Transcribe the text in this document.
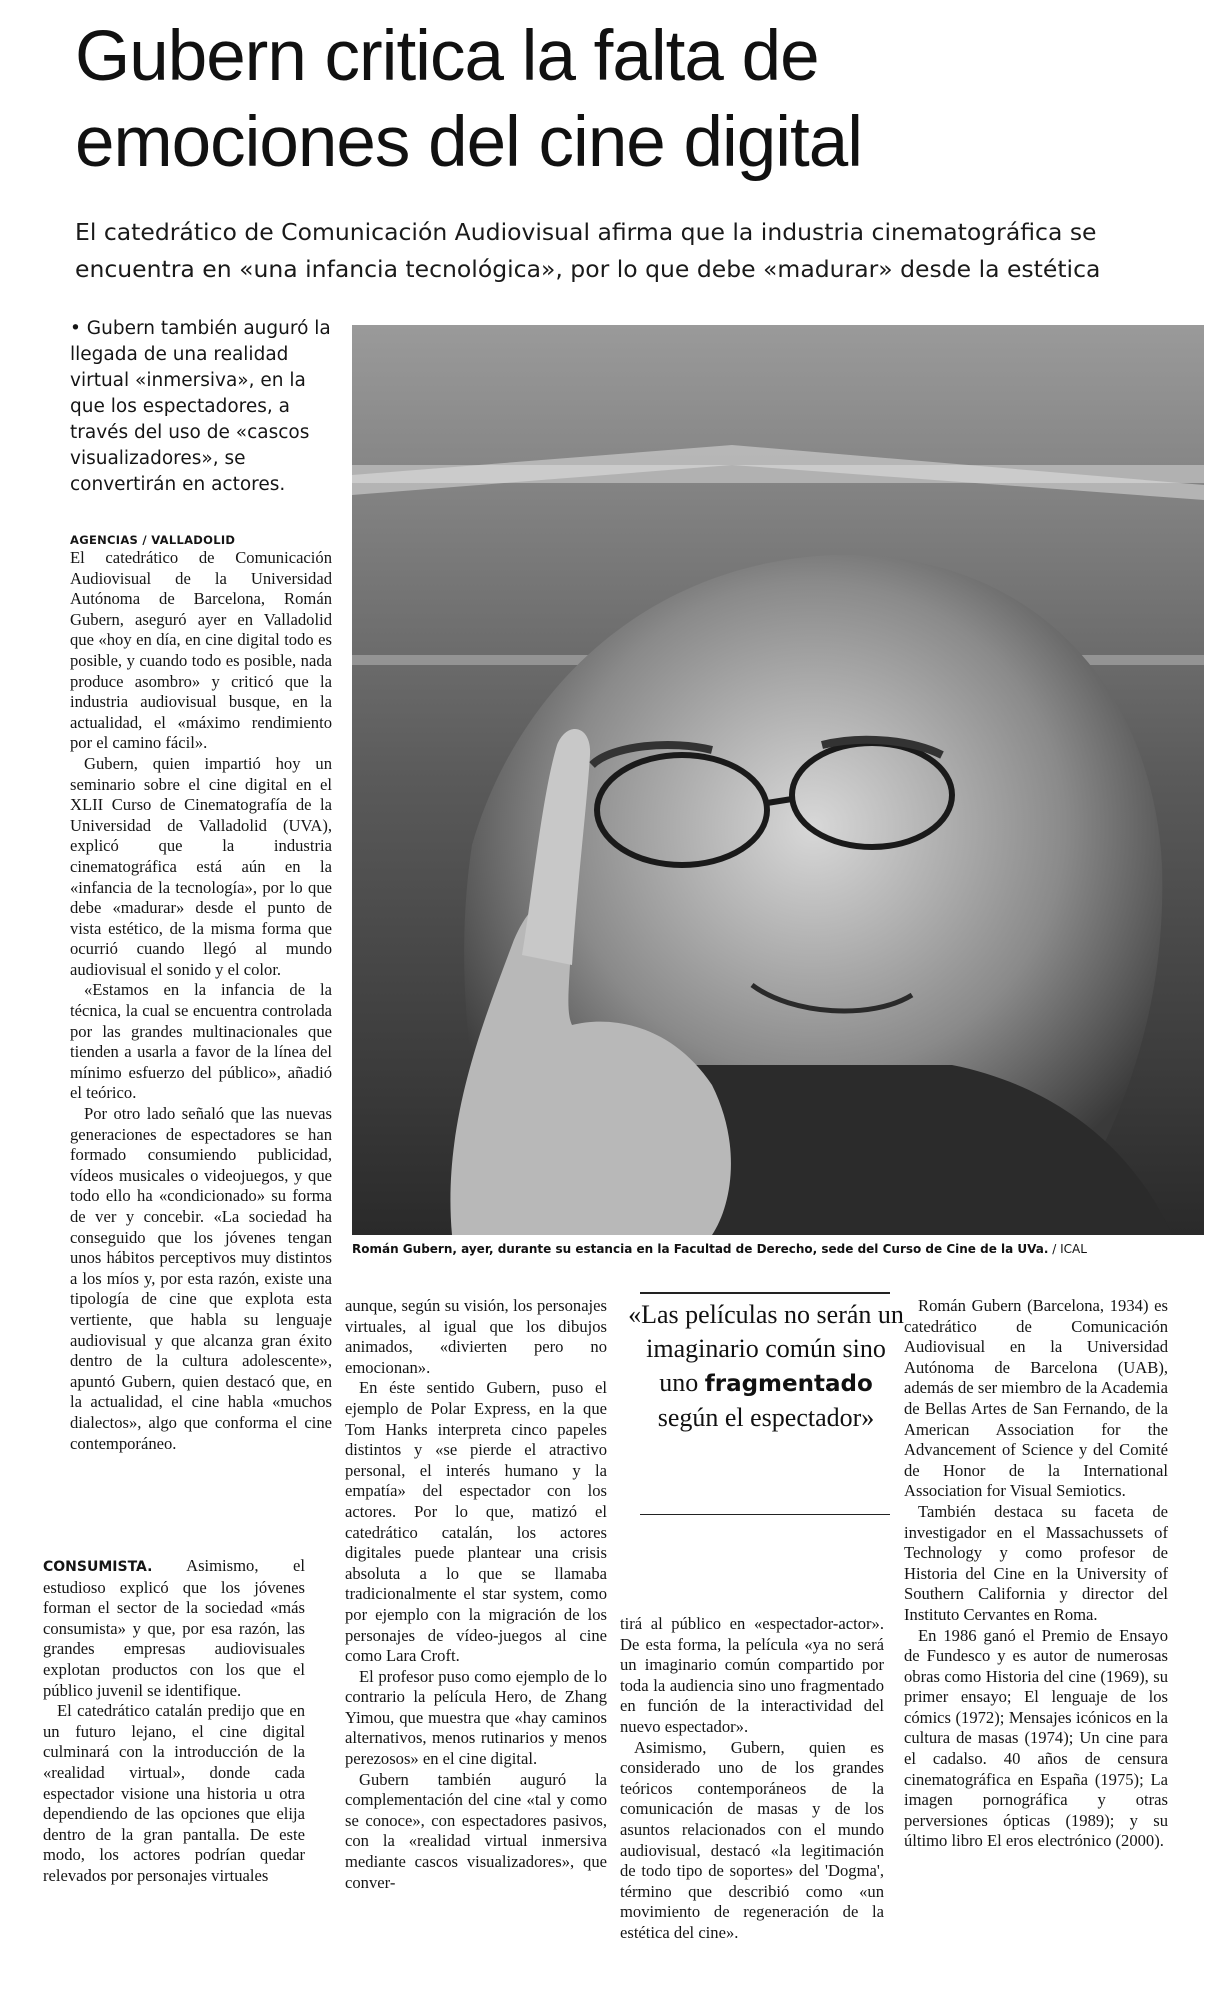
Gubern critica la falta de
emociones del cine digital

El catedrático de Comunicación Audiovisual afirma que la industria cinematográfica se
encuentra en «una infancia tecnológica», por lo que debe «madurar» desde la estética

• Gubern también auguró la llegada de una realidad virtual «inmersiva», en la que los espectadores, a través del uso de «cascos visualizadores», se convertirán en actores.

AGENCIAS / VALLADOLID

El catedrático de Comunicación Audiovisual de la Universidad Autónoma de Barcelona, Román Gubern, aseguró ayer en Valladolid que «hoy en día, en cine digital todo es posible, y cuando todo es posible, nada produce asombro» y criticó que la industria audiovisual busque, en la actualidad, el «máximo rendimiento por el camino fácil».

Gubern, quien impartió hoy un seminario sobre el cine digital en el XLII Curso de Cinematografía de la Universidad de Valladolid (UVA), explicó que la industria cinematográfica está aún en la «infancia de la tecnología», por lo que debe «madurar» desde el punto de vista estético, de la misma forma que ocurrió cuando llegó al mundo audiovisual el sonido y el color.

«Estamos en la infancia de la técnica, la cual se encuentra controlada por las grandes multinacionales que tienden a usarla a favor de la línea del mínimo esfuerzo del público», añadió el teórico.

Por otro lado señaló que las nuevas generaciones de espectadores se han formado consumiendo publicidad, vídeos musicales o videojuegos, y que todo ello ha «condicionado» su forma de ver y concebir. «La sociedad ha conseguido que los jóvenes tengan unos hábitos perceptivos muy distintos a los míos y, por esta razón, existe una tipología de cine que explota esta vertiente, que habla su lenguaje audiovisual y que alcanza gran éxito dentro de la cultura adolescente», apuntó Gubern, quien destacó que, en la actualidad, el cine habla «muchos dialectos», algo que conforma el cine contemporáneo.

CONSUMISTA. Asimismo, el estudioso explicó que los jóvenes forman el sector de la sociedad «más consumista» y que, por esa razón, las grandes empresas audiovisuales explotan productos con los que el público juvenil se identifique.

El catedrático catalán predijo que en un futuro lejano, el cine digital culminará con la introducción de la «realidad virtual», donde cada espectador visione una historia u otra dependiendo de las opciones que elija dentro de la gran pantalla. De este modo, los actores podrían quedar relevados por personajes virtuales

Román Gubern, ayer, durante su estancia en la Facultad de Derecho, sede del Curso de Cine de la UVa. / ICAL

aunque, según su visión, los personajes virtuales, al igual que los dibujos animados, «divierten pero no emocionan».

En éste sentido Gubern, puso el ejemplo de Polar Express, en la que Tom Hanks interpreta cinco papeles distintos y «se pierde el atractivo personal, el interés humano y la empatía» del espectador con los actores. Por lo que, matizó el catedrático catalán, los actores digitales puede plantear una crisis absoluta a lo que se llamaba tradicionalmente el star system, como por ejemplo con la migración de los personajes de vídeo-juegos al cine como Lara Croft.

El profesor puso como ejemplo de lo contrario la película Hero, de Zhang Yimou, que muestra que «hay caminos alternativos, menos rutinarios y menos perezosos» en el cine digital.

Gubern también auguró la complementación del cine «tal y como se conoce», con espectadores pasivos, con la «realidad virtual inmersiva mediante cascos visualizadores», que conver-

«Las películas no serán un imaginario común sino uno fragmentado según el espectador»

tirá al público en «espectador-actor». De esta forma, la película «ya no será un imaginario común compartido por toda la audiencia sino uno fragmentado en función de la interactividad del nuevo espectador».

Asimismo, Gubern, quien es considerado uno de los grandes teóricos contemporáneos de la comunicación de masas y de los asuntos relacionados con el mundo audiovisual, destacó «la legitimación de todo tipo de soportes» del 'Dogma', término que describió como «un movimiento de regeneración de la estética del cine».

Román Gubern (Barcelona, 1934) es catedrático de Comunicación Audiovisual en la Universidad Autónoma de Barcelona (UAB), además de ser miembro de la Academia de Bellas Artes de San Fernando, de la American Association for the Advancement of Science y del Comité de Honor de la International Association for Visual Semiotics.

También destaca su faceta de investigador en el Massachussets of Technology y como profesor de Historia del Cine en la University of Southern California y director del Instituto Cervantes en Roma.

En 1986 ganó el Premio de Ensayo de Fundesco y es autor de numerosas obras como Historia del cine (1969), su primer ensayo; El lenguaje de los cómics (1972); Mensajes icónicos en la cultura de masas (1974); Un cine para el cadalso. 40 años de censura cinematográfica en España (1975); La imagen pornográfica y otras perversiones ópticas (1989); y su último libro El eros electrónico (2000).
